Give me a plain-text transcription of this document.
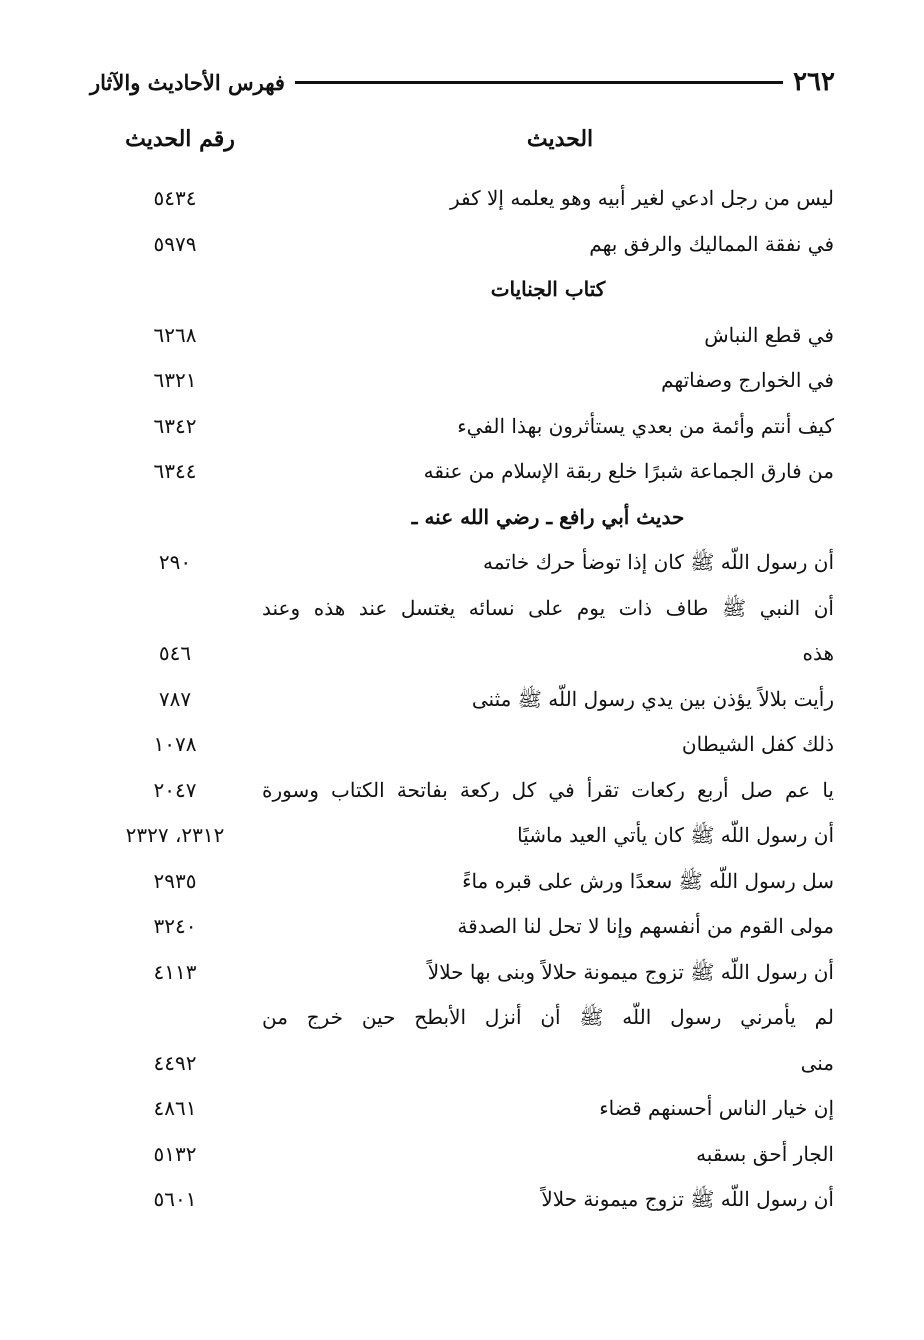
٢٦٢
فهرس الأحاديث والآثار
الحديث
رقم الحديث
ليس من رجل ادعي لغير أبيه وهو يعلمه إلا كفر
٥٤٣٤
في نفقة المماليك والرفق بهم
٥٩٧٩
كتاب الجنايات
في قطع النباش
٦٢٦٨
في الخوارج وصفاتهم
٦٣٢١
كيف أنتم وأئمة من بعدي يستأثرون بهذا الفيء
٦٣٤٢
من فارق الجماعة شبرًا خلع ربقة الإسلام من عنقه
٦٣٤٤
حديث أبي رافع ـ رضي الله عنه ـ
أن رسول اللّه ﷺ كان إذا توضأ حرك خاتمه
٢٩٠
أن النبي ﷺ طاف ذات يوم على نسائه يغتسل عند هذه وعند
هذه
٥٤٦
رأيت بلالاً يؤذن بين يدي رسول اللّه ﷺ مثنى
٧٨٧
ذلك كفل الشيطان
١٠٧٨
يا عم صل أربع ركعات تقرأ في كل ركعة بفاتحة الكتاب وسورة
٢٠٤٧
أن رسول اللّه ﷺ كان يأتي العيد ماشيًا
٢٣١٢، ٢٣٢٧
سل رسول اللّه ﷺ سعدًا ورش على قبره ماءً
٢٩٣٥
مولى القوم من أنفسهم وإنا لا تحل لنا الصدقة
٣٢٤٠
أن رسول اللّه ﷺ تزوج ميمونة حلالاً وبنى بها حلالاً
٤١١٣
لم يأمرني رسول اللّه ﷺ أن أنزل الأبطح حين خرج من
منى
٤٤٩٢
إن خيار الناس أحسنهم قضاء
٤٨٦١
الجار أحق بسقبه
٥١٣٢
أن رسول اللّه ﷺ تزوج ميمونة حلالاً
٥٦٠١
